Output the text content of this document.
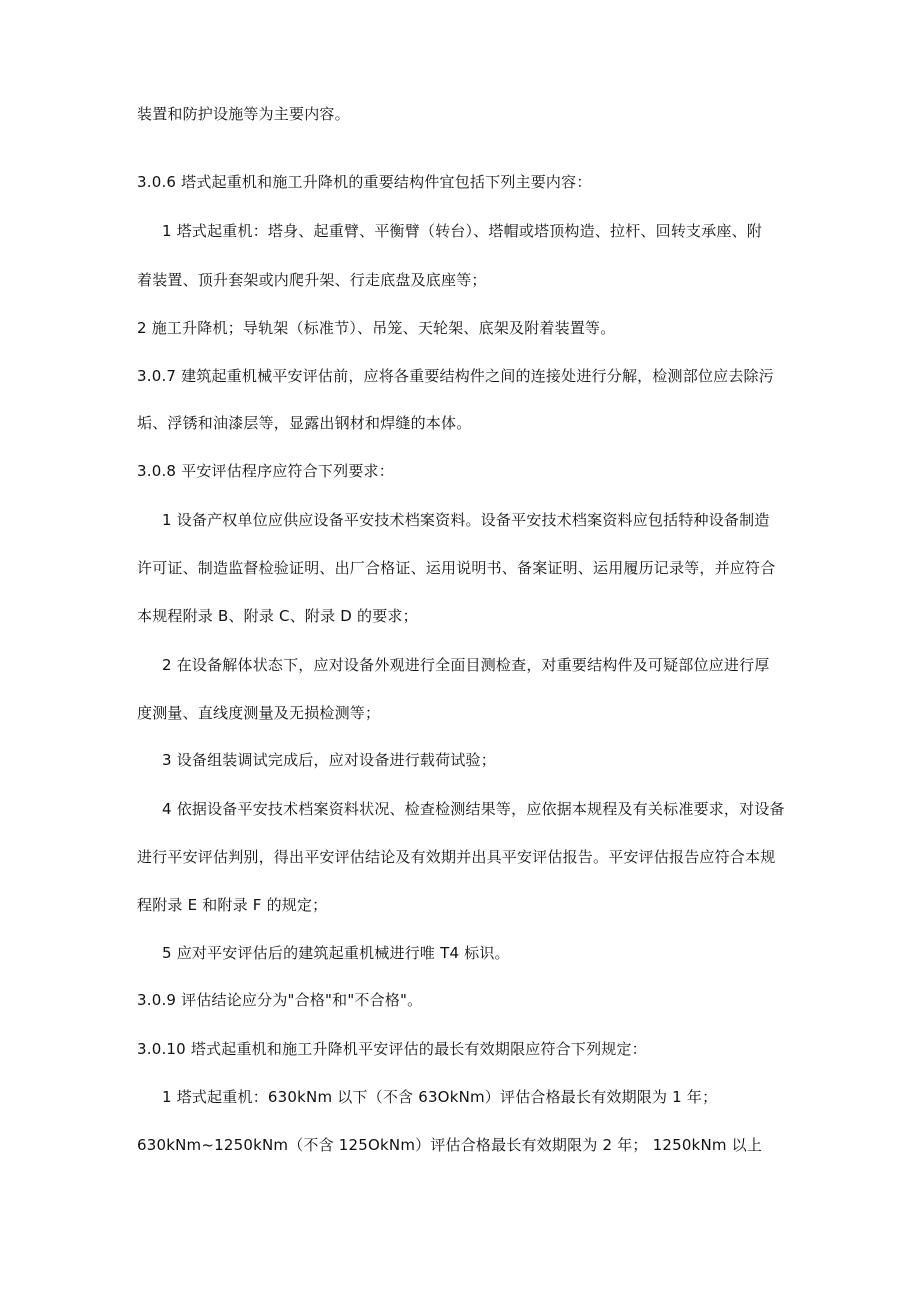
装置和防护设施等为主要内容。
3.0.6 塔式起重机和施工升降机的重要结构件宜包括下列主要内容：
1 塔式起重机：塔身、起重臂、平衡臂（转台）、塔帽或塔顶构造、拉杆、回转支承座、附
着装置、顶升套架或内爬升架、行走底盘及底座等；
2 施工升降机；导轨架（标准节）、吊笼、天轮架、底架及附着装置等。
3.0.7 建筑起重机械平安评估前，应将各重要结构件之间的连接处进行分解，检测部位应去除污
垢、浮锈和油漆层等，显露出钢材和焊缝的本体。
3.0.8 平安评估程序应符合下列要求：
1 设备产权单位应供应设备平安技术档案资料。设备平安技术档案资料应包括特种设备制造
许可证、制造监督检验证明、出厂合格证、运用说明书、备案证明、运用履历记录等，并应符合
本规程附录 B、附录 C、附录 D 的要求；
2 在设备解体状态下，应对设备外观进行全面目测检查，对重要结构件及可疑部位应进行厚
度测量、直线度测量及无损检测等；
3 设备组装调试完成后，应对设备进行载荷试验；
4 依据设备平安技术档案资料状况、检查检测结果等，应依据本规程及有关标准要求，对设备
进行平安评估判别，得出平安评估结论及有效期并出具平安评估报告。平安评估报告应符合本规
程附录 E 和附录 F 的规定；
5 应对平安评估后的建筑起重机械进行唯 T4 标识。
3.0.9 评估结论应分为"合格"和"不合格"。
3.0.10 塔式起重机和施工升降机平安评估的最长有效期限应符合下列规定：
1 塔式起重机：630kNm 以下（不含 63OkNm）评估合格最长有效期限为 1 年；
630kNm~1250kNm（不含 125OkNm）评估合格最长有效期限为 2 年； 1250kNm 以上
